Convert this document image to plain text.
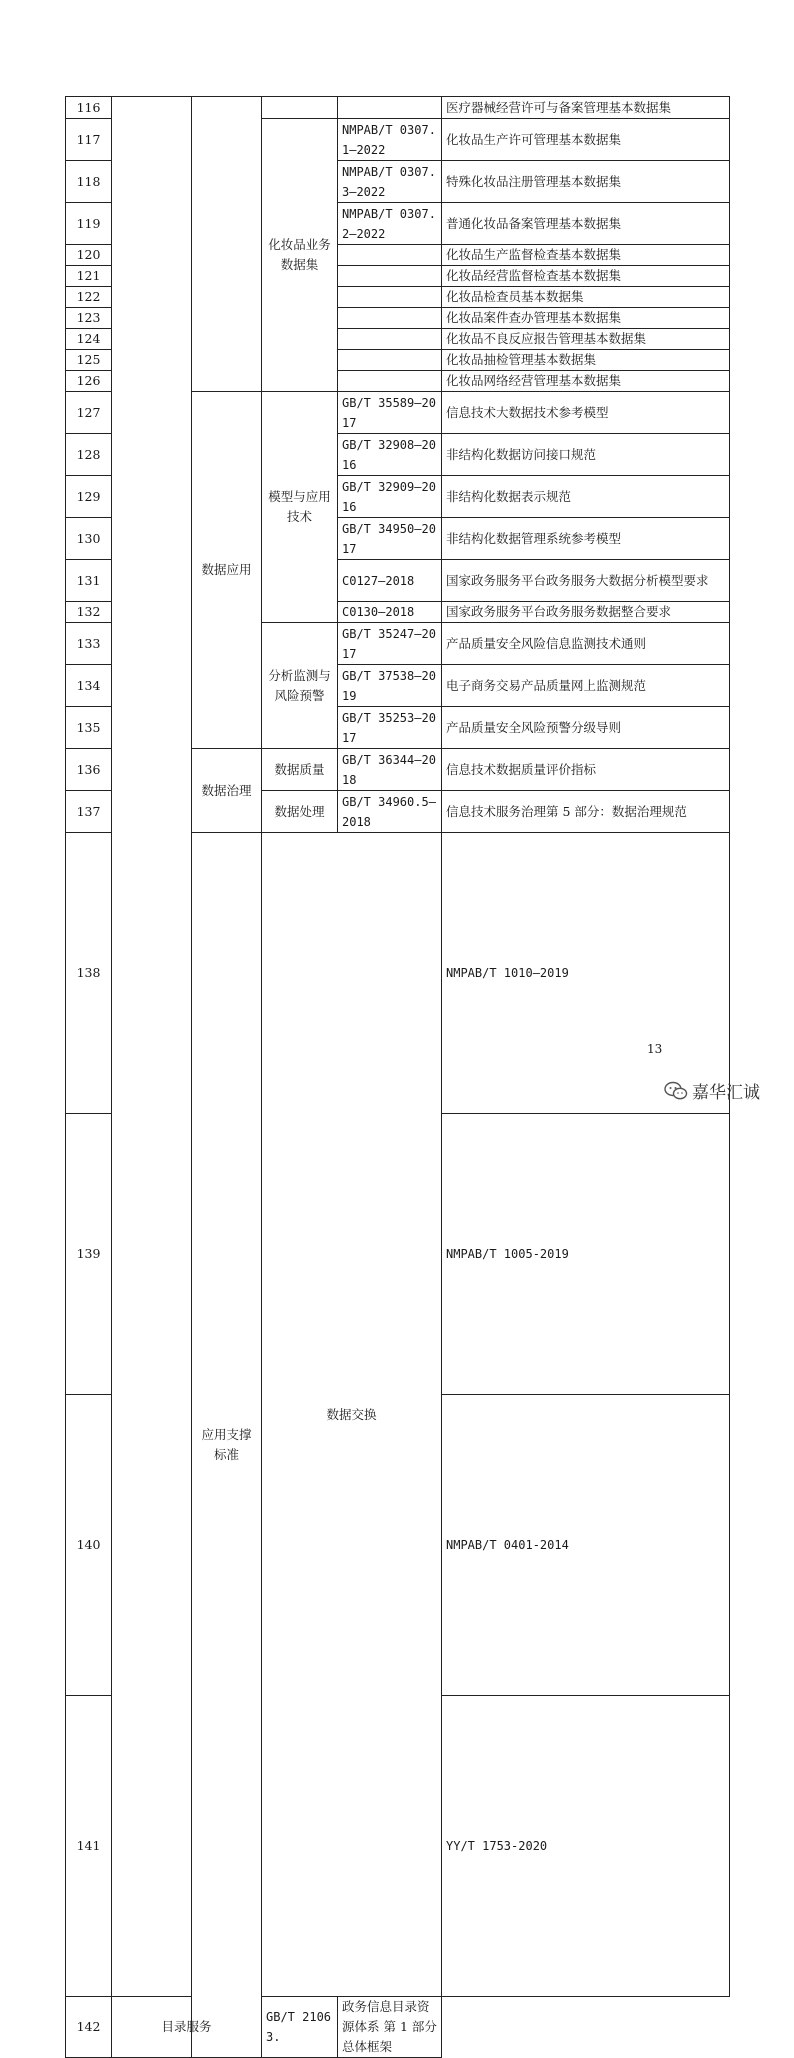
116					医疗器械经营许可与备案管理基本数据集	
117			化妆品业务数据集	NMPAB/T 0307.1—2022	化妆品生产许可管理基本数据集	
118				NMPAB/T 0307.3—2022	特殊化妆品注册管理基本数据集	
119				NMPAB/T 0307.2—2022	普通化妆品备案管理基本数据集	
120					化妆品生产监督检查基本数据集	
121					化妆品经营监督检查基本数据集	
122					化妆品检查员基本数据集	
123					化妆品案件查办管理基本数据集	
124					化妆品不良反应报告管理基本数据集	
125					化妆品抽检管理基本数据集	
126					化妆品网络经营管理基本数据集	
127		数据应用	模型与应用技术	GB/T 35589—2017	信息技术大数据技术参考模型	
128				GB/T 32908—2016	非结构化数据访问接口规范	
129				GB/T 32909—2016	非结构化数据表示规范	
130				GB/T 34950—2017	非结构化数据管理系统参考模型	
131				C0127—2018	国家政务服务平台政务服务大数据分析模型要求	
132				C0130—2018	国家政务服务平台政务服务数据整合要求	
133			分析监测与风险预警	GB/T 35247—2017	产品质量安全风险信息监测技术通则	
134				GB/T 37538—2019	电子商务交易产品质量网上监测规范	
135				GB/T 35253—2017	产品质量安全风险预警分级导则	
136		数据治理	数据质量	GB/T 36344—2018	信息技术数据质量评价指标	
137			数据处理	GB/T 34960.5—2018	信息技术服务治理第 5 部分：数据治理规范	
138		应用支撑标准	数据交换		NMPAB/T 1010—2019	
139					NMPAB/T 1005-2019	
140					NMPAB/T 0401-2014	
141					YY/T 1753-2020	
142	目录服务		GB/T 21063.	政务信息目录资源体系 第 1 部分 总体框架		
13
嘉华汇诚
